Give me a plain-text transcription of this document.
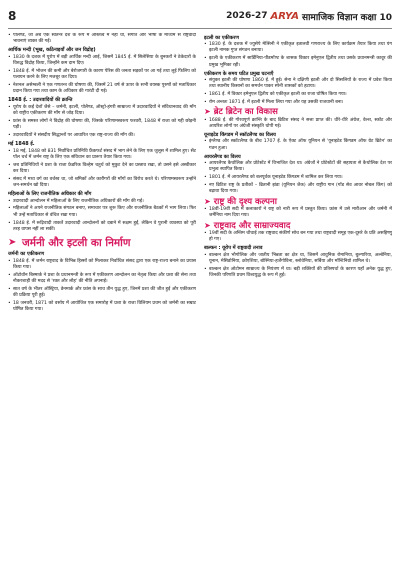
8	2026-27 ARYA सामाजिक विज्ञान कक्षा 10

• पोलैण्ड, जो अब एक स्वतन्त्र देश के रूप में अस्तित्व में नहीं था, संगीत और भाषा के माध्यम से राष्ट्रवादी भावनाएं व्यक्त की गईं।

आर्थिक मन्दी (भूख, कठिनाइयाँ और जन विद्रोह)

• 1830 के दशक में यूरोप में बड़ी आर्थिक मन्दी आई, जिसमें 1845 ई. में सिलेसिया के बुनकरों ने ठेकेदारों के विरुद्ध विद्रोह किया, जिन्होंने कम दाम दिए।

• 1848 ई. में भोजन की कमी और बेरोजगारी के कारण पेरिस की जनता सड़कों पर आ गई तथा लुई फिलिप को पलायन करने के लिए मजबूर कर दिया।

• नेशनल असेम्बली ने एक गणतन्त्र की घोषणा की, जिसमें 21 वर्ष से ऊपर के सभी वयस्क पुरुषों को मताधिकार प्रदान किया गया तथा काम के अधिकार की गारंटी दी गई।

1848 ई. : उदारवादियों की क्रान्ति

• यूरोप के कई देशों जैसे – जर्मनी, इटली, पोलैण्ड, ऑस्ट्रो-हंगरी साम्राज्य में उदारवादियों ने संविधानवाद की माँग को राष्ट्रीय एकीकरण की माँग से जोड़ दिया।

• फ्रांस के समस्त लोगों ने विद्रोह की घोषणा की, जिसके परिणामस्वरूप फरवरी, 1848 में राजा को गद्दी छोड़नी पड़ी।

• उदारवादियों ने संसदीय सिद्धान्तों पर आधारित एक राष्ट्र-राज्य की माँग की।

मई 1848 ई.

• 18 मई, 1848 को 831 निर्वाचित प्रतिनिधि फ्रैंकफर्ट संसद में भाग लेने के लिए एक जुलूस में शामिल हुए। सेंट पॉल चर्च में जर्मन राष्ट्र के लिए एक संविधान का प्रारूप तैयार किया गया।

• जब प्रतिनिधियों ने प्रशा के राजा फ्रेडरिक विल्हेम चतुर्थ को मुकुट देने का प्रस्ताव रखा, तो उसने इसे अस्वीकार कर दिया।

• संसद में मध्य वर्ग का वर्चस्व था, जो श्रमिकों और कारीगरों की माँगों का विरोध करते थे। परिणामस्वरूप उन्होंने जन-समर्थन खो दिया।

महिलाओं के लिए राजनीतिक अधिकार की माँग

• उदारवादी आन्दोलन में महिलाओं के लिए राजनीतिक अधिकारों की माँग की गई।

• महिलाओं ने अपने राजनीतिक संगठन बनाए, समाचार पत्र शुरू किए और राजनीतिक बैठकों में भाग लिया। फिर भी उन्हें मताधिकार से वंचित रखा गया।

• 1848 ई. में रूढ़िवादी ताकतें उदारवादी आन्दोलनों को दबाने में सक्षम हुईं, लेकिन वे पुरानी व्यवस्था को पूरी तरह वापस नहीं ला सकीं।

➤ जर्मनी और इटली का निर्माण
जर्मनी का एकीकरण

• 1848 ई. में जर्मन राष्ट्रवाद के विभिन्न हिस्सों को मिलाकर निर्वाचित संसद द्वारा एक राष्ट्र-राज्य बनाने का प्रयास किया गया।

• ऑटोवॉन बिस्मार्क ने प्रशा के प्रधानमन्त्री के रूप में एकीकरण आन्दोलन का नेतृत्व किया और प्रशा की सेना तथा नौकरशाही की मदद से 'रक्त और लौह' की नीति अपनाई।

• सात वर्ष के भीतर ऑस्ट्रिया, डेनमार्क और फ्रांस के साथ तीन युद्ध हुए, जिनमें प्रशा की जीत हुई और एकीकरण की प्रक्रिया पूरी हुई।

• 18 जनवरी, 1871 को वर्साय में आयोजित एक समारोह में प्रशा के राजा विलियम प्रथम को जर्मनी का सम्राट घोषित किया गया।

इटली का एकीकरण

• 1830 ई. के दशक में ज्युसेपे मेत्सिनी ने एकीकृत इतालवी गणराज्य के लिए कार्यक्रम तैयार किया तथा यंग इटली नामक गुप्त संगठन बनाया।

• इटली के एकीकरण में सार्डिनिया-पीडमॉण्ट के शासक विक्टर इमेनुएल द्वितीय तथा उसके प्रधानमन्त्री कावूर की प्रमुख भूमिका रही।

एकीकरण के समय घटित प्रमुख घटनाएँ

• संयुक्त इटली की घोषणा 1860 ई. में हुई। सेना ने दक्षिणी इटली और दो सिसलियों के राज्य में प्रवेश किया तथा स्थानीय किसानों का समर्थन पाकर स्पेनी शासकों को हटाया।

• 1861 ई. में विक्टर इमेनुएल द्वितीय को एकीकृत इटली का राजा घोषित किया गया।

• रोम अन्ततः 1871 ई. में इटली में मिला लिया गया और यह उसकी राजधानी बना।

➤ ब्रेट ब्रिटेन का विकास

• 1688 ई. की गौरवपूर्ण क्रान्ति के बाद ब्रिटिश संसद ने सत्ता प्राप्त की। धीरे-धीरे अंग्रेज, वेल्श, स्कॉट और आयरिश लोगों पर अंग्रेजी संस्कृति थोपी गई।

यूनाइटेड किंगडम में स्कॉटलैण्ड का विलय

• इंग्लैण्ड और स्कॉटलैण्ड के बीच 1707 ई. के ऐक्ट ऑफ यूनियन से 'यूनाइटेड किंगडम ऑफ ग्रेट ब्रिटेन' का गठन हुआ।

आयरलैण्ड का विलय

• आयरलैण्ड कैथोलिक और प्रोटेस्टेंट में विभाजित देश था। अंग्रेजों ने प्रोटेस्टेंटों की सहायता से कैथोलिक देश पर प्रभुत्व स्थापित किया।

• 1801 ई. में आयरलैण्ड को बलपूर्वक यूनाइटेड किंगडम में शामिल कर लिया गया।

• नए ब्रिटिश राष्ट्र के प्रतीकों – ब्रितानी झंडा (यूनियन जैक) और राष्ट्रीय गान (गॉड सेव आवर नोबल किंग) को बढ़ावा दिया गया।

➤ राष्ट्र की दृश्य कल्पना

• 18वीं-19वीं सदी में कलाकारों ने राष्ट्र को नारी रूप में प्रस्तुत किया। फ्रांस में उसे मारीआन और जर्मनी में जर्मेनिया नाम दिया गया।

➤ राष्ट्रवाद और साम्राज्यवाद

• 19वीं सदी के अन्तिम चौथाई तक राष्ट्रवाद संकीर्ण सोच बन गया तथा राष्ट्रवादी समूह एक-दूसरे के प्रति असहिष्णु हो गए।

बाल्कन : यूरोप में राष्ट्रवादी तनाव

• बाल्कन क्षेत्र भौगोलिक और जातीय भिन्नता का क्षेत्र था, जिसमें आधुनिक रोमानिया, बुल्गारिया, अल्बेनिया, यूनान, मेसिडोनिया, क्रोएशिया, बोस्निया-हर्जेगोविना, स्लोवेनिया, सर्बिया और मॉन्टिनिग्रो शामिल थे।

• बाल्कन क्षेत्र ओटोमन साम्राज्य के नियंत्रण में था। बड़ी शक्तियों की प्रतिस्पर्धा के कारण यहाँ अनेक युद्ध हुए, जिनकी परिणति प्रथम विश्वयुद्ध के रूप में हुई।
